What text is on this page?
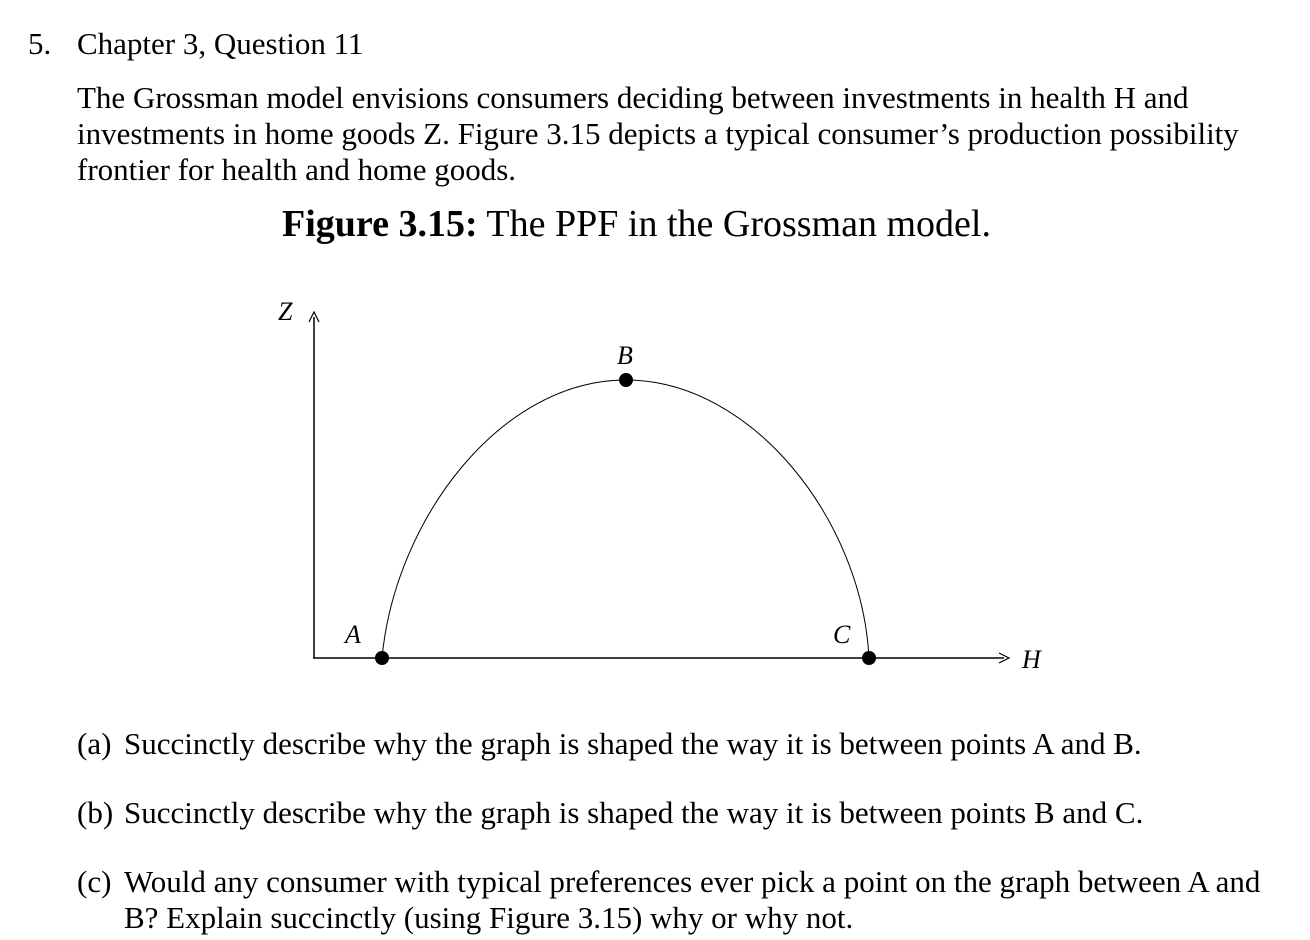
5. Chapter 3, Question 11
The Grossman model envisions consumers deciding between investments in health H and investments in home goods Z. Figure 3.15 depicts a typical consumer’s production possibility frontier for health and home goods.
Figure 3.15: The PPF in the Grossman model.
Z
H
A
B
C
(a) Succinctly describe why the graph is shaped the way it is between points A and B.
(b) Succinctly describe why the graph is shaped the way it is between points B and C.
(c) Would any consumer with typical preferences ever pick a point on the graph between A and B? Explain succinctly (using Figure 3.15) why or why not.
